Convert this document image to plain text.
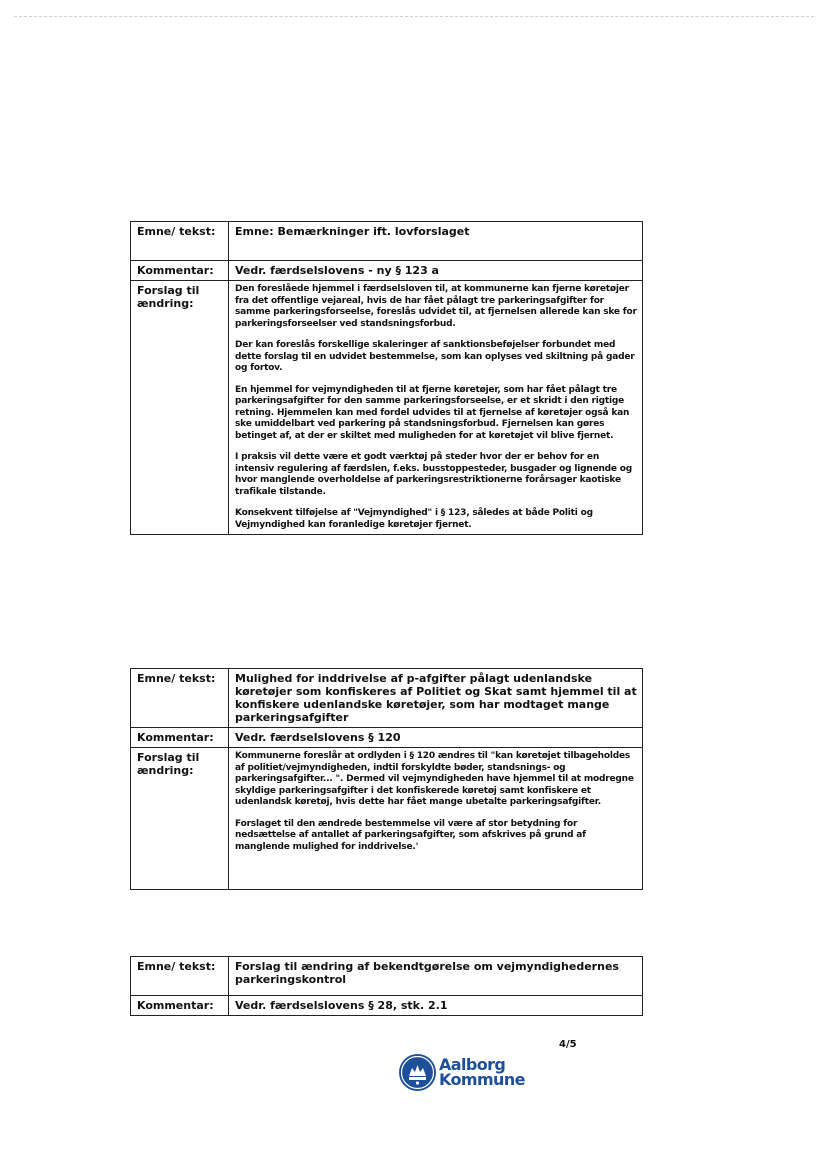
Emne/ tekst:	Emne: Bemærkninger ift. lovforslaget
Kommentar:	Vedr. færdselslovens - ny § 123 a
Forslag til ændring:	Den foreslåede hjemmel i færdselsloven til, at kommunerne kan fjerne køretøjer fra det offentlige vejareal, hvis de har fået pålagt tre parkeringsafgifter for samme parkeringsforseelse, foreslås udvidet til, at fjernelsen allerede kan ske for parkeringsforseelser ved standsningsforbud.

Der kan foreslås forskellige skaleringer af sanktionsbeføjelser forbundet med dette forslag til en udvidet bestemmelse, som kan oplyses ved skiltning på gader og fortov.

En hjemmel for vejmyndigheden til at fjerne køretøjer, som har fået pålagt tre parkeringsafgifter for den samme parkeringsforseelse, er et skridt i den rigtige retning. Hjemmelen kan med fordel udvides til at fjernelse af køretøjer også kan ske umiddelbart ved parkering på standsningsforbud. Fjernelsen kan gøres betinget af, at der er skiltet med muligheden for at køretøjet vil blive fjernet.

I praksis vil dette være et godt værktøj på steder hvor der er behov for en intensiv regulering af færdslen, f.eks. busstoppesteder, busgader og lignende og hvor manglende overholdelse af parkeringsrestriktionerne forårsager kaotiske trafikale tilstande.

Konsekvent tilføjelse af "Vejmyndighed" i § 123, således at både Politi og Vejmyndighed kan foranledige køretøjer fjernet.

Emne/ tekst:	Mulighed for inddrivelse af p-afgifter pålagt udenlandske køretøjer som konfiskeres af Politiet og Skat samt hjemmel til at konfiskere udenlandske køretøjer, som har modtaget mange parkeringsafgifter
Kommentar:	Vedr. færdselslovens § 120
Forslag til ændring:	Kommunerne foreslår at ordlyden i § 120 ændres til "kan køretøjet tilbageholdes af politiet/vejmyndigheden, indtil forskyldte bøder, standsnings- og parkeringsafgifter... ". Dermed vil vejmyndigheden have hjemmel til at modregne skyldige parkeringsafgifter i det konfiskerede køretøj samt konfiskere et udenlandsk køretøj, hvis dette har fået mange ubetalte parkeringsafgifter.

Forslaget til den ændrede bestemmelse vil være af stor betydning for nedsættelse af antallet af parkeringsafgifter, som afskrives på grund af manglende mulighed for inddrivelse.'

Emne/ tekst:	Forslag til ændring af bekendtgørelse om vejmyndighedernes parkeringskontrol
Kommentar:	Vedr. færdselslovens § 28, stk. 2.1
4/5
Aalborg
Kommune
